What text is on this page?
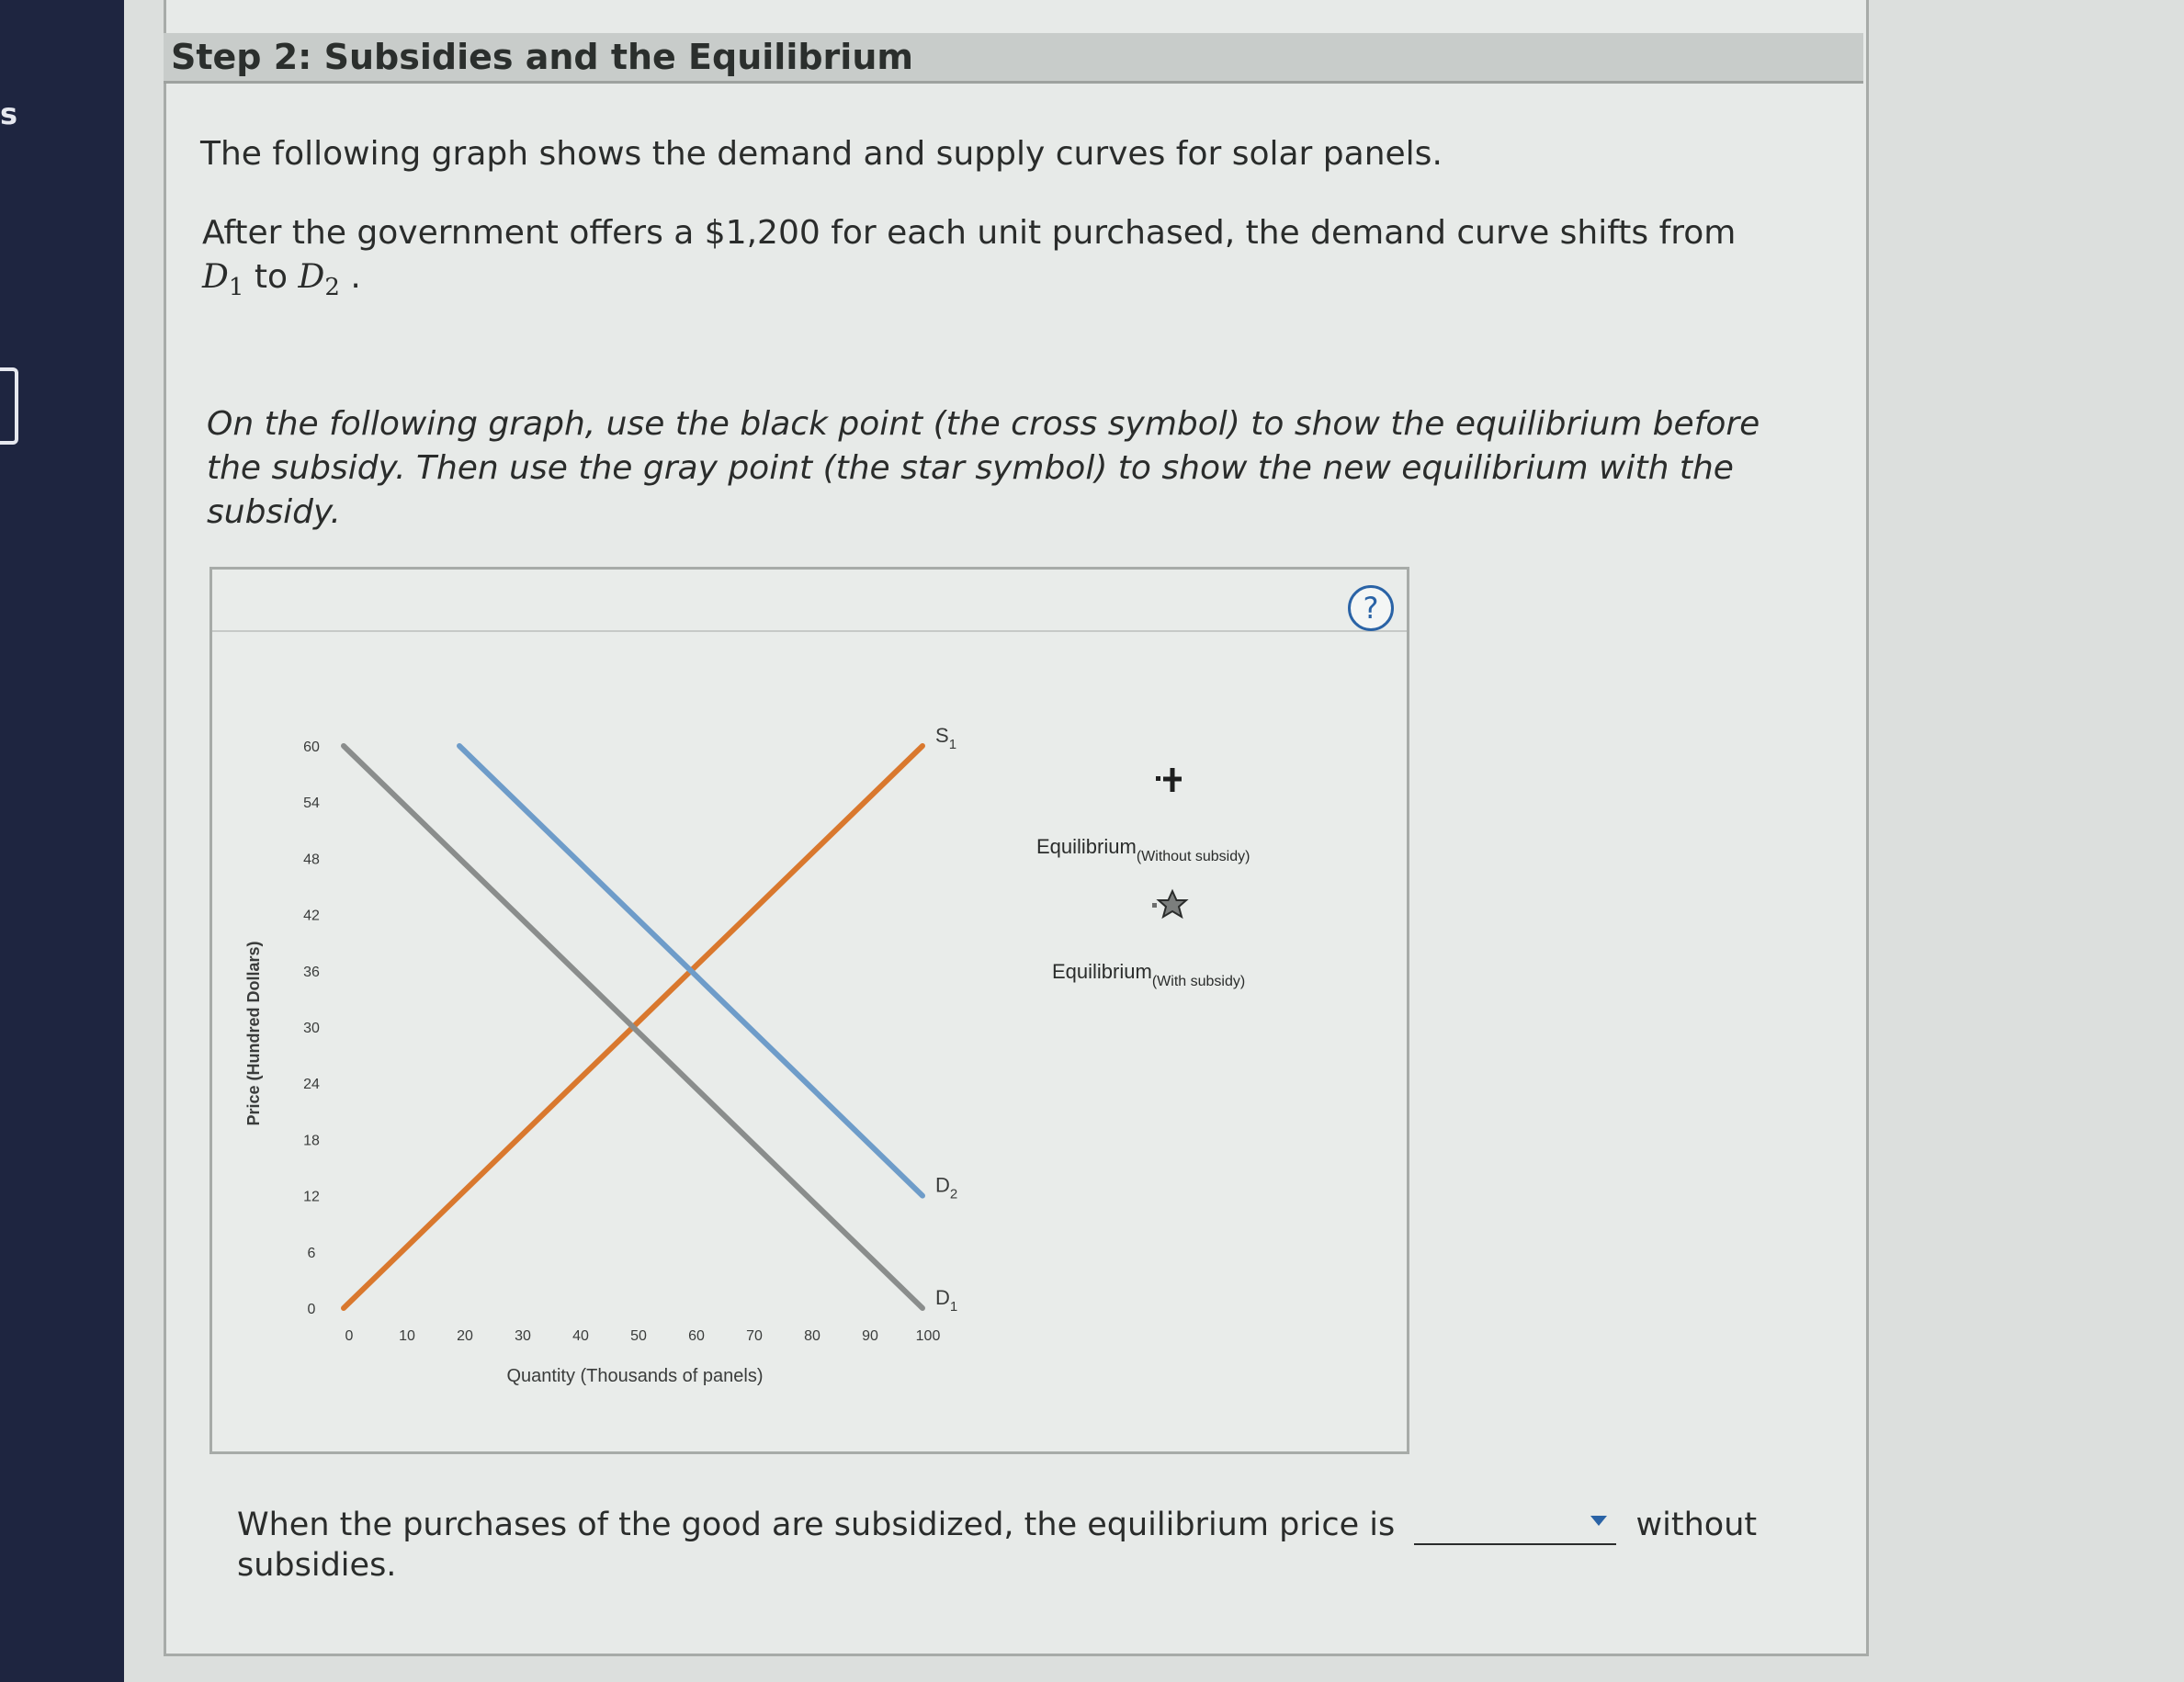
s
Step 2: Subsidies and the Equilibrium
The following graph shows the demand and supply curves for solar panels.
After the government offers a $1,200 for each unit purchased, the demand curve shifts from
$D_1$ to $D_2$ .
On the following graph, use the black point (the cross symbol) to show the equilibrium before
the subsidy. Then use the gray point (the star symbol) to show the new equilibrium with the
subsidy.
?
0
6
12
18
24
30
36
42
48
54
60
0	10	20	30	40	50	60	70	80	90	100
$S_1$
$D_2$
$D_1$
Price (Hundred Dollars)
Quantity (Thousands of panels)
Equilibrium$_{(Without subsidy)}$
Equilibrium$_{(With subsidy)}$
When the purchases of the good are subsidized, the equilibrium price is	without
subsidies.
